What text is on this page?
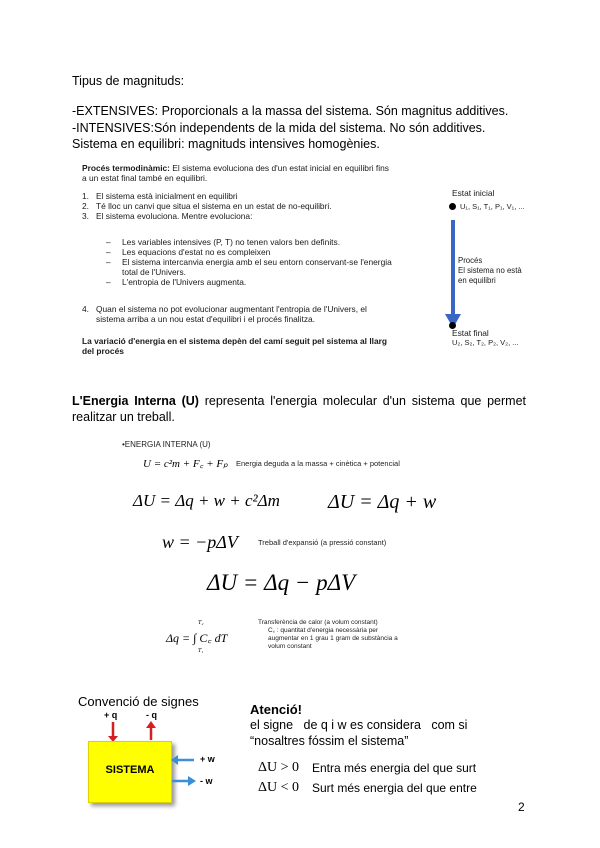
Tipus de magnituds:
-EXTENSIVES: Proporcionals a la massa del sistema. Són magnitus additives.
-INTENSIVES:Són independents de la mida del sistema. No són additives.
Sistema en equilibri: magnituds intensives homogènies.
Procés termodinàmic: El sistema evoluciona des d'un estat inicial en equilibri fins
a un estat final també en equilibri.
1. El sistema està inicialment en equilibri
2. Té lloc un canvi que situa el sistema en un estat de no-equilibri.
3. El sistema evoluciona. Mentre evoluciona:
– Les variables intensives (P, T) no tenen valors ben definits.
– Les equacions d'estat no es compleixen
– El sistema intercanvia energia amb el seu entorn conservant-se l'energia
total de l'Univers.
– L'entropia de l'Univers augmenta.
4. Quan el sistema no pot evolucionar augmentant l'entropia de l'Univers, el
sistema arriba a un nou estat d'equilibri i el procés finalitza.
La variació d'energia en el sistema depèn del camí seguit pel sistema al llarg
del procés
Estat inicial
U₁, S₁, T₁, P₁, V₁, ...
Procés
El sistema no està
en equilibri
Estat final
U₂, S₂, T₂, P₂, V₂, ...
L'Energia Interna (U) representa l'energia molecular d'un sistema que permet
realitzar un treball.
•ENERGIA INTERNA (U)
U = c²m + F꜀ + Fₚ Energia deguda a la massa + cinètica + potencial
ΔU = Δq + w + c²Δm ΔU = Δq + w
w = −pΔV	Treball d'expansió (a pressió constant)
ΔU = Δq − pΔV
T₂
Δq = ∫ C꜀ dT
T₁
Transferència de calor (a volum constant)
C꜀ : quantitat d'energia necessària per
augmentar en 1 grau 1 gram de substància a
volum constant
Convenció de signes
+ q	- q
SISTEMA
+ w
- w
Atenció!
el signe   de q i w es considera   com si
“nosaltres fóssim el sistema”
ΔU > 0 Entra més energia del que surt
ΔU < 0 Surt més energia del que entre
2
